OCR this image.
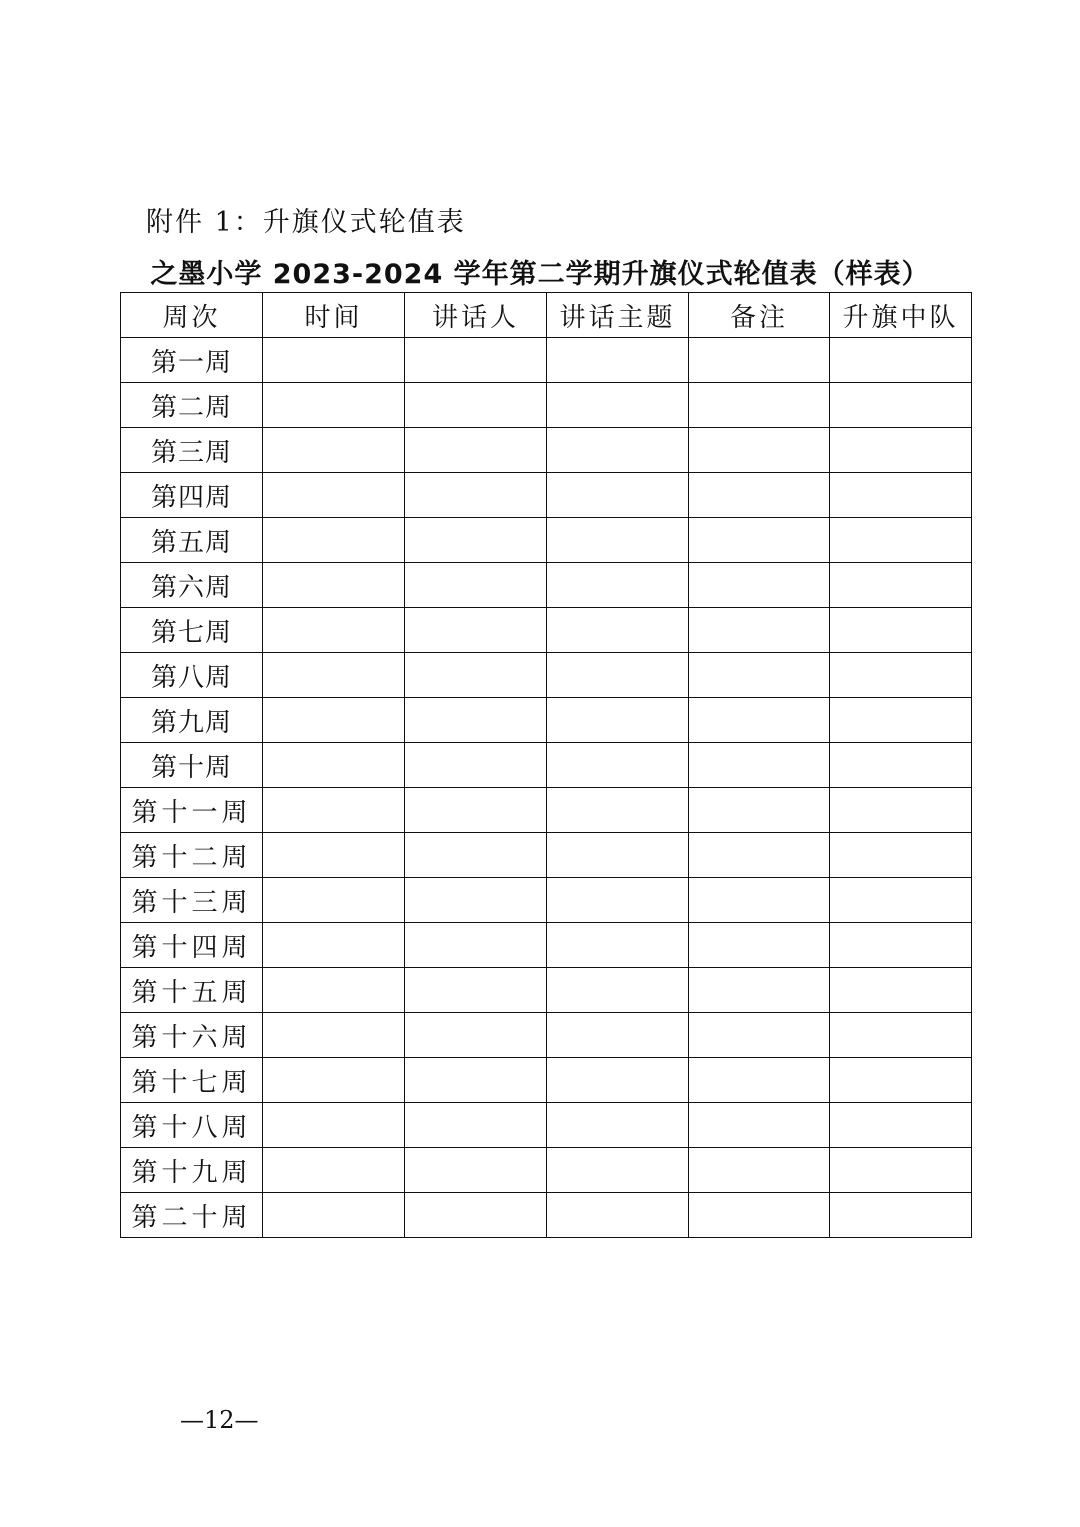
附件 1：升旗仪式轮值表
之墨小学 2023-2024 学年第二学期升旗仪式轮值表（样表）
周次	时间	讲话人	讲话主题	备注	升旗中队
第一周					
第二周					
第三周					
第四周					
第五周					
第六周					
第七周					
第八周					
第九周					
第十周					
第十一周					
第十二周					
第十三周					
第十四周					
第十五周					
第十六周					
第十七周					
第十八周					
第十九周					
第二十周					
—12—
